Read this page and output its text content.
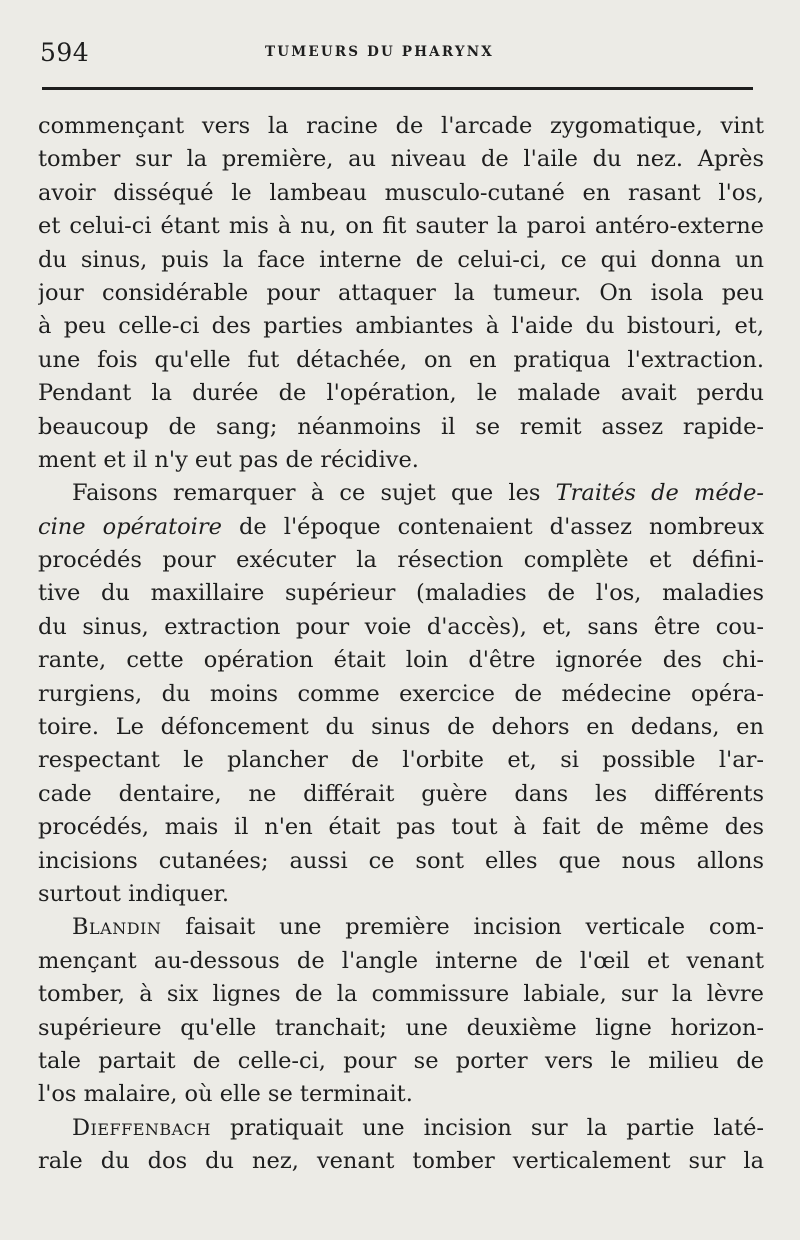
594	TUMEURS DU PHARYNX
commençant vers la racine de l'arcade zygomatique, vint
tomber sur la première, au niveau de l'aile du nez. Après
avoir disséqué le lambeau musculo-cutané en rasant l'os,
et celui-ci étant mis à nu, on fit sauter la paroi antéro-externe
du sinus, puis la face interne de celui-ci, ce qui donna un
jour considérable pour attaquer la tumeur. On isola peu
à peu celle-ci des parties ambiantes à l'aide du bistouri, et,
une fois qu'elle fut détachée, on en pratiqua l'extraction.
Pendant la durée de l'opération, le malade avait perdu
beaucoup de sang; néanmoins il se remit assez rapide-
ment et il n'y eut pas de récidive.
Faisons remarquer à ce sujet que les Traités de méde-
cine opératoire de l'époque contenaient d'assez nombreux
procédés pour exécuter la résection complète et défini-
tive du maxillaire supérieur (maladies de l'os, maladies
du sinus, extraction pour voie d'accès), et, sans être cou-
rante, cette opération était loin d'être ignorée des chi-
rurgiens, du moins comme exercice de médecine opéra-
toire. Le défoncement du sinus de dehors en dedans, en
respectant le plancher de l'orbite et, si possible l'ar-
cade dentaire, ne différait guère dans les différents
procédés, mais il n'en était pas tout à fait de même des
incisions cutanées; aussi ce sont elles que nous allons
surtout indiquer.
Blandin faisait une première incision verticale com-
mençant au-dessous de l'angle interne de l'œil et venant
tomber, à six lignes de la commissure labiale, sur la lèvre
supérieure qu'elle tranchait; une deuxième ligne horizon-
tale partait de celle-ci, pour se porter vers le milieu de
l'os malaire, où elle se terminait.
Dieffenbach pratiquait une incision sur la partie laté-
rale du dos du nez, venant tomber verticalement sur la
